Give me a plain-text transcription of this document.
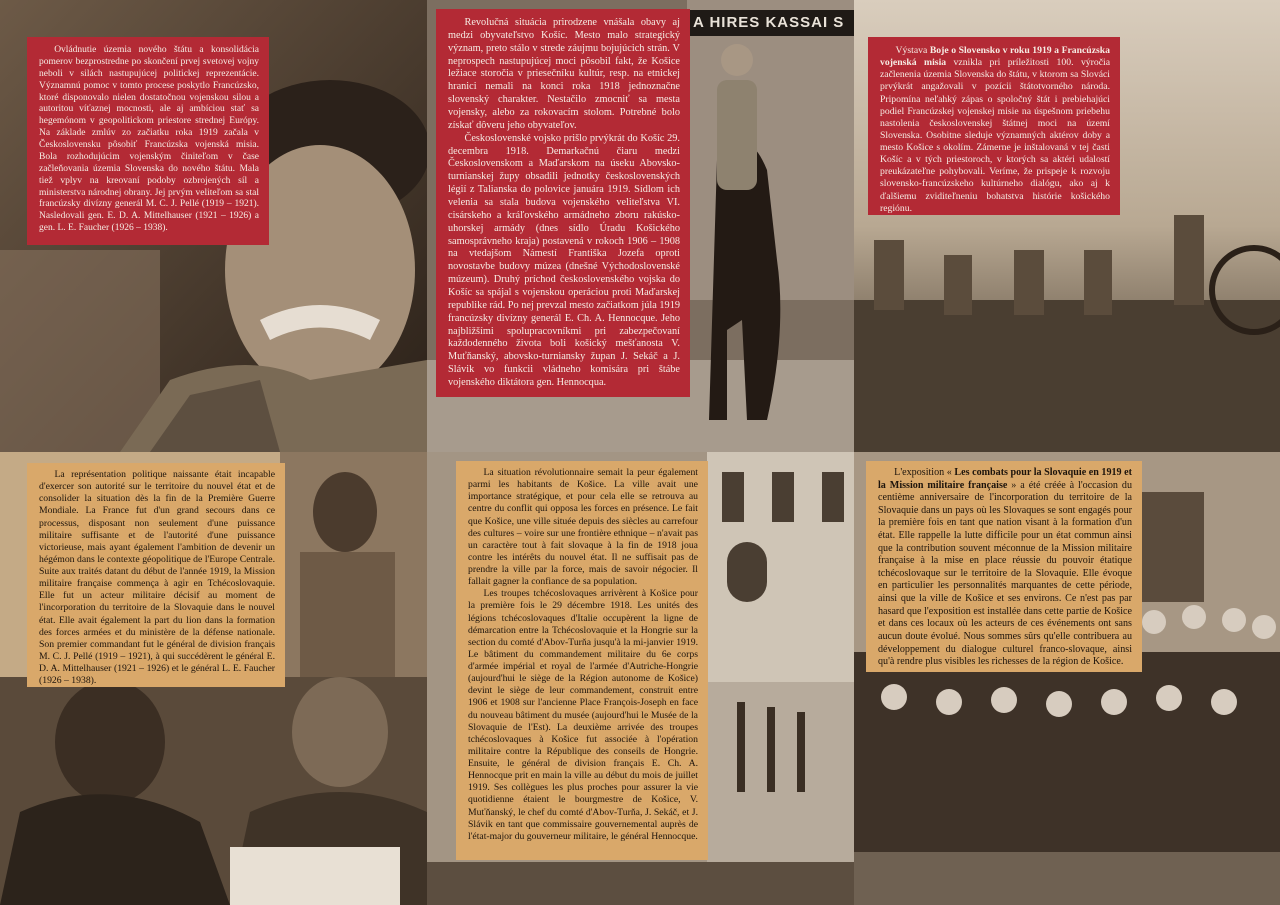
Ovládnutie územia nového štátu a konsolidácia pomerov bezprostredne po skončení prvej svetovej vojny neboli v silách nastupujúcej politickej reprezentácie. Významnú pomoc v tomto procese poskytlo Francúzsko, ktoré disponovalo nielen dostatočnou vojenskou silou a autoritou víťaznej mocnosti, ale aj ambíciou stať sa hegemónom v geopolitickom priestore strednej Európy. Na základe zmlúv zo začiatku roka 1919 začala v Československu pôsobiť Francúzska vojenská misia. Bola rozhodujúcim vojenským činiteľom v čase začleňovania územia Slovenska do nového štátu. Mala tiež vplyv na kreovaní podoby ozbrojených síl a ministerstva národnej obrany. Jej prvým veliteľom sa stal francúzsky divízny generál M. C. J. Pellé (1919 – 1921). Nasledovali gen. E. D. A. Mittelhauser (1921 – 1926) a gen. L. E. Faucher (1926 – 1938).

A HIRES KASSAI S

Revolučná situácia prirodzene vnášala obavy aj medzi obyvateľstvo Košíc. Mesto malo strategický význam, preto stálo v strede záujmu bojujúcich strán. V neprospech nastupujúcej moci pôsobil fakt, že Košice ležiace storočia v priesečníku kultúr, resp. na etnickej hranici nemali na konci roka 1918 jednoznačne slovenský charakter. Nestačilo zmocniť sa mesta vojensky, alebo za rokovacím stolom. Potrebné bolo získať dôveru jeho obyvateľov.

Československé vojsko prišlo prvýkrát do Košíc 29. decembra 1918. Demarkačnú čiaru medzi Československom a Maďarskom na úseku Abovsko-turnianskej župy obsadili jednotky československých légií z Talianska do polovice januára 1919. Sídlom ich velenia sa stala budova vojenského veliteľstva VI. cisárskeho a kráľovského armádneho zboru rakúsko-uhorskej armády (dnes sídlo Úradu Košického samosprávneho kraja) postavená v rokoch 1906 – 1908 na vtedajšom Námestí Františka Jozefa oproti novostavbe budovy múzea (dnešné Východoslovenské múzeum). Druhý príchod československého vojska do Košíc sa spájal s vojenskou operáciou proti Maďarskej republike rád. Po nej prevzal mesto začiatkom júla 1919 francúzsky divízny generál E. Ch. A. Hennocque. Jeho najbližšími spolupracovníkmi pri zabezpečovaní každodenného života boli košický mešťanosta V. Muťňanský, abovsko-turniansky župan J. Sekáč a J. Slávik vo funkcii vládneho komisára pri štábe vojenského diktátora gen. Hennocqua.

Výstava Boje o Slovensko v roku 1919 a Francúzska vojenská misia vznikla pri príležitosti 100. výročia začlenenia územia Slovenska do štátu, v ktorom sa Slováci prvýkrát angažovali v pozícii štátotvorného národa. Pripomína neľahký zápas o spoločný štát i prebiehajúci podiel Francúzskej vojenskej misie na úspešnom priebehu nastolenia československej štátnej moci na území Slovenska. Osobitne sleduje významných aktérov doby a mesto Košice s okolím. Zámerne je inštalovaná v tej časti Košíc a v tých priestoroch, v ktorých sa aktéri udalostí preukázateľne pohybovali. Veríme, že prispeje k rozvoju slovensko-francúzskeho kultúrneho dialógu, ako aj k ďalšiemu zviditeľneniu bohatstva histórie košického regiónu.

La représentation politique naissante était incapable d'exercer son autorité sur le territoire du nouvel état et de consolider la situation dès la fin de la Première Guerre Mondiale. La France fut d'un grand secours dans ce processus, disposant non seulement d'une puissance militaire suffisante et de l'autorité d'une puissance victorieuse, mais ayant également l'ambition de devenir un hégémon dans le contexte géopolitique de l'Europe Centrale. Suite aux traités datant du début de l'année 1919, la Mission militaire française commença à agir en Tchécoslovaquie. Elle fut un acteur militaire décisif au moment de l'incorporation du territoire de la Slovaquie dans le nouvel état. Elle avait également la part du lion dans la formation des forces armées et du ministère de la défense nationale. Son premier commandant fut le général de division français M. C. J. Pellé (1919 – 1921), à qui succédèrent le général E. D. A. Mittelhauser (1921 – 1926) et le général L. E. Faucher (1926 – 1938).

La situation révolutionnaire semait la peur également parmi les habitants de Košice. La ville avait une importance stratégique, et pour cela elle se retrouva au centre du conflit qui opposa les forces en présence. Le fait que Košice, une ville située depuis des siècles au carrefour des cultures – voire sur une frontière ethnique – n'avait pas un caractère tout à fait slovaque à la fin de 1918 joua contre les intérêts du nouvel état. Il ne suffisait pas de prendre la ville par la force, mais de savoir négocier. Il fallait gagner la confiance de sa population.

Les troupes tchécoslovaques arrivèrent à Košice pour la première fois le 29 décembre 1918. Les unités des légions tchécoslovaques d'Italie occupèrent la ligne de démarcation entre la Tchécoslovaquie et la Hongrie sur la section du comté d'Abov-Turňa jusqu'à la mi-janvier 1919. Le bâtiment du commandement militaire du 6e corps d'armée impérial et royal de l'armée d'Autriche-Hongrie (aujourd'hui le siège de la Région autonome de Košice) devint le siège de leur commandement, construit entre 1906 et 1908 sur l'ancienne Place François-Joseph en face du nouveau bâtiment du musée (aujourd'hui le Musée de la Slovaquie de l'Est). La deuxième arrivée des troupes tchécoslovaques à Košice fut associée à l'opération militaire contre la République des conseils de Hongrie. Ensuite, le général de division français E. Ch. A. Hennocque prit en main la ville au début du mois de juillet 1919. Ses collègues les plus proches pour assurer la vie quotidienne étaient le bourgmestre de Košice, V. Muťňanský, le chef du comté d'Abov-Turňa, J. Sekáč, et J. Slávik en tant que commissaire gouvernemental auprès de l'état-major du gouverneur militaire, le général Hennocque.

L'exposition « Les combats pour la Slovaquie en 1919 et la Mission militaire française » a été créée à l'occasion du centième anniversaire de l'incorporation du territoire de la Slovaquie dans un pays où les Slovaques se sont engagés pour la première fois en tant que nation visant à la formation d'un état. Elle rappelle la lutte difficile pour un état commun ainsi que la contribution souvent méconnue de la Mission militaire française à la mise en place réussie du pouvoir étatique tchécoslovaque sur le territoire de la Slovaquie. Elle évoque en particulier les personnalités marquantes de cette période, ainsi que la ville de Košice et ses environs. Ce n'est pas par hasard que l'exposition est installée dans cette partie de Košice et dans ces locaux où les acteurs de ces événements ont sans aucun doute évolué. Nous sommes sûrs qu'elle contribuera au développement du dialogue culturel franco-slovaque, ainsi qu'à rendre plus visibles les richesses de la région de Košice.
